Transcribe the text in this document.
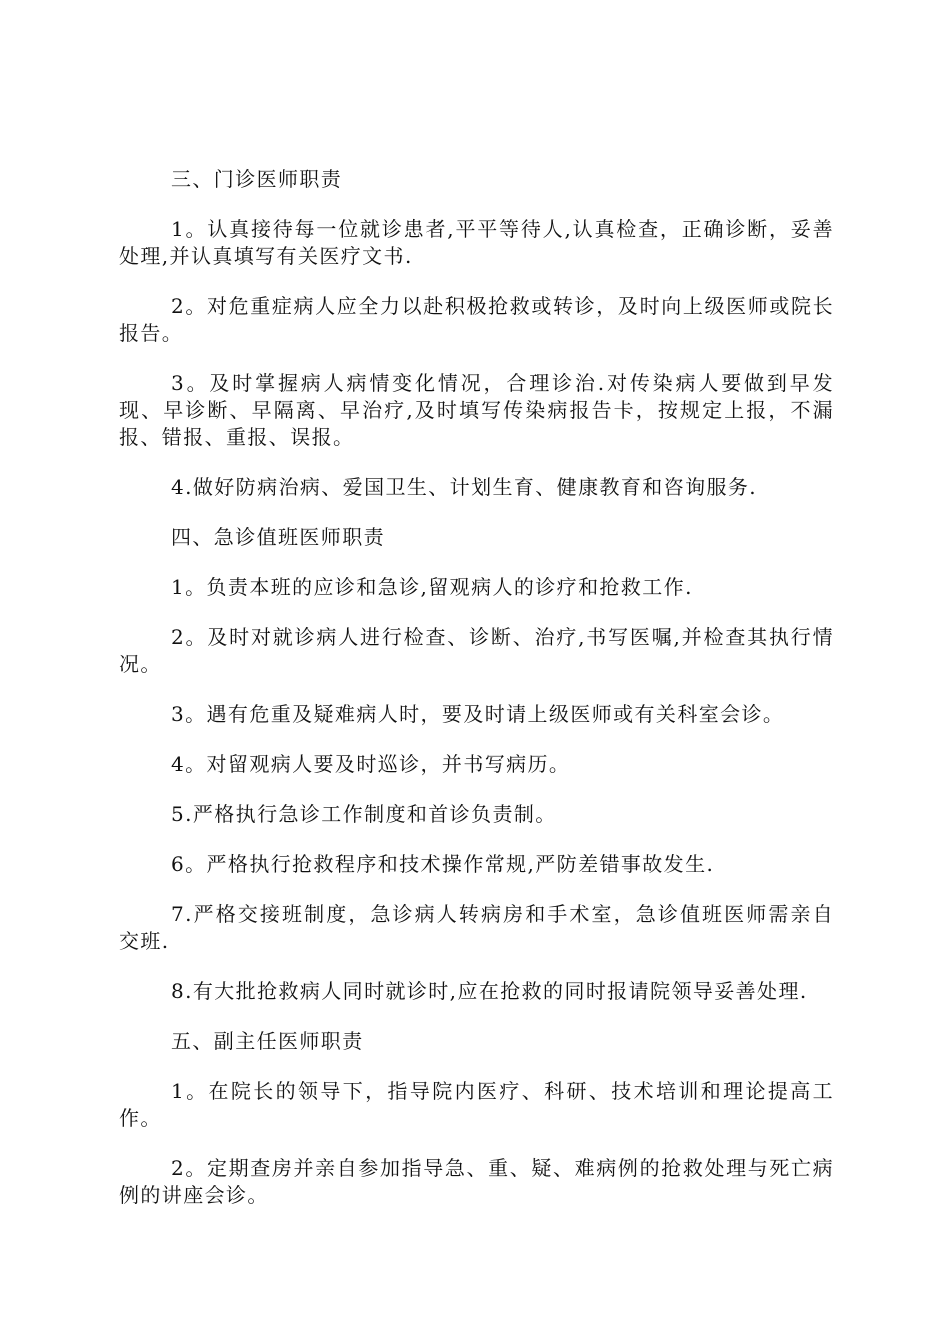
三、门诊医师职责

1。认真接待每一位就诊患者,平平等待人,认真检查，正确诊断，妥善处理,并认真填写有关医疗文书.

2。对危重症病人应全力以赴积极抢救或转诊，及时向上级医师或院长报告。

3。及时掌握病人病情变化情况，合理诊治.对传染病人要做到早发现、早诊断、早隔离、早治疗,及时填写传染病报告卡，按规定上报，不漏报、错报、重报、误报。

4.做好防病治病、爱国卫生、计划生育、健康教育和咨询服务.

四、急诊值班医师职责

1。负责本班的应诊和急诊,留观病人的诊疗和抢救工作.

2。及时对就诊病人进行检查、诊断、治疗,书写医嘱,并检查其执行情况。

3。遇有危重及疑难病人时，要及时请上级医师或有关科室会诊。

4。对留观病人要及时巡诊，并书写病历。

5.严格执行急诊工作制度和首诊负责制。

6。严格执行抢救程序和技术操作常规,严防差错事故发生.

7.严格交接班制度，急诊病人转病房和手术室，急诊值班医师需亲自交班.

8.有大批抢救病人同时就诊时,应在抢救的同时报请院领导妥善处理.

五、副主任医师职责

1。在院长的领导下，指导院内医疗、科研、技术培训和理论提高工作。

2。定期查房并亲自参加指导急、重、疑、难病例的抢救处理与死亡病例的讲座会诊。
